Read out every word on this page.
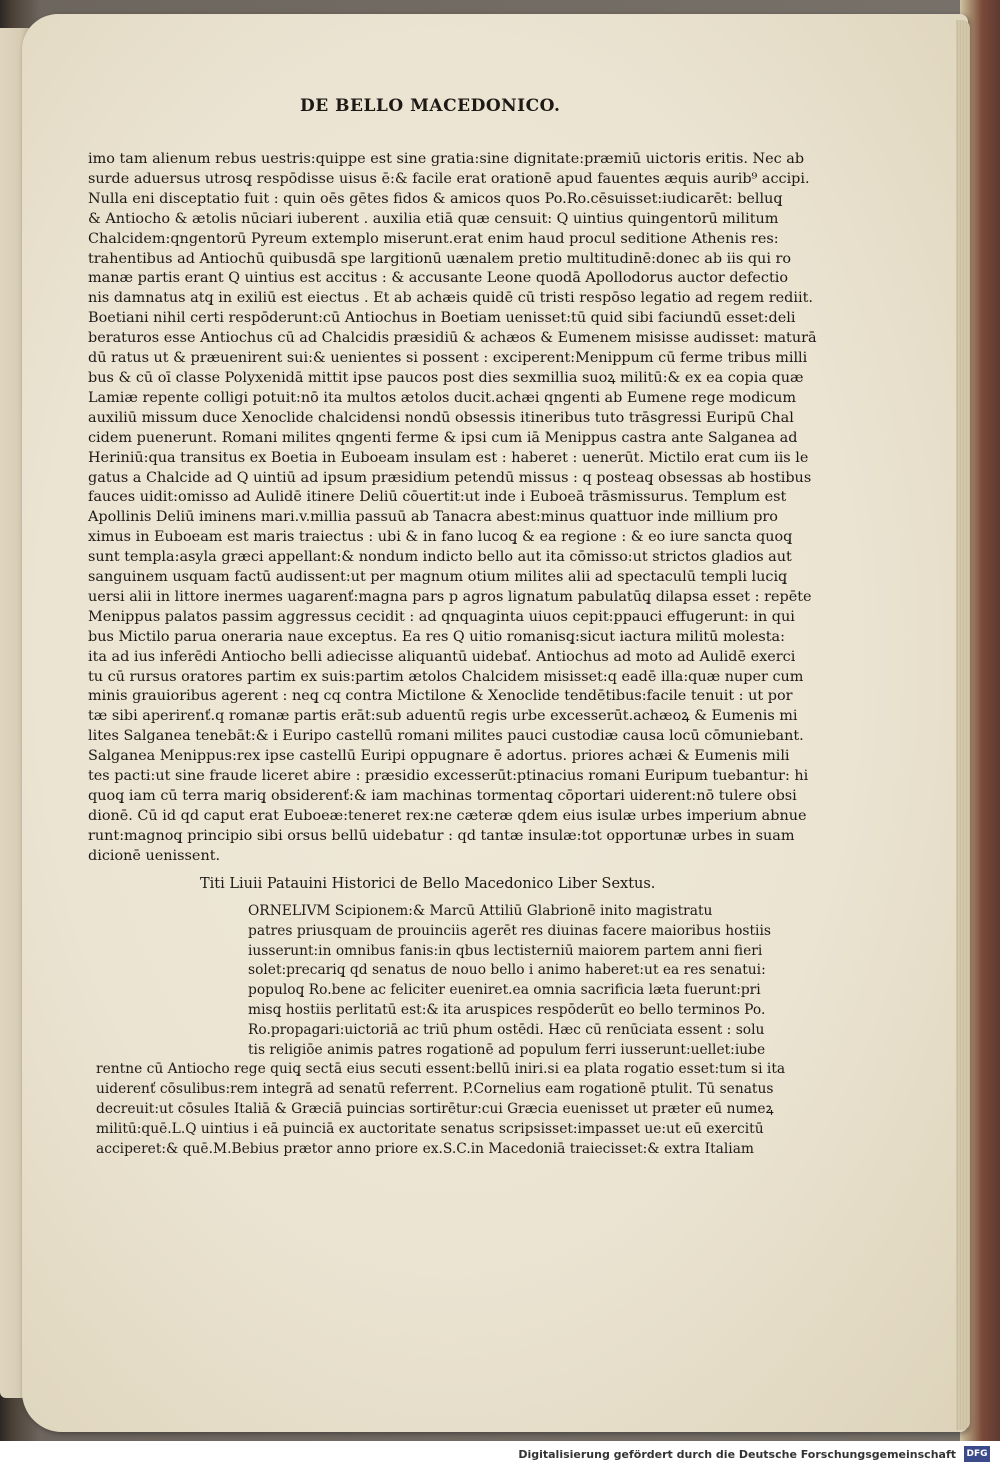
DE BELLO MACEDONICO.
imo tam alienum rebus uestris:quippe est sine gratia:sine dignitate:præmiū uictoris eritis. Nec ab
surde aduersus utrosq̧ respōdisse uisus ē:& facile erat orationē apud fauentes æquis aurib⁹ accipi.
Nulla eni disceptatio fuit : quin oēs gētes fidos & amicos quos Po.Ro.cēsuisset:iudicarēt: belluq̧
& Antiocho & ætolis nūciari iuberent . auxilia etiā quæ censuit: Q uintius quingentorū militum
Chalcidem:qngentorū Pyreum extemplo miserunt.erat enim haud procul seditione Athenis res:
trahentibus ad Antiochū quibusdā spe largitionū uænalem pretio multitudinē:donec ab iis qui ro
manæ partis erant Q uintius est accitus : & accusante Leone quodā Apollodorus auctor defectio
nis damnatus atq̧ in exiliū est eiectus . Et ab achæis quidē cū tristi respōso legatio ad regem rediit.
Boetiani nihil certi respōderunt:cū Antiochus in Boetiam uenisset:tū quid sibi faciundū esset:deli
beraturos esse Antiochus cū ad Chalcidis præsidiū & achæos & Eumenem misisse audisset: maturā
dū ratus ut & præuenirent sui:& uenientes si possent : exciperent:Menippum cū ferme tribus milli
bus & cū oī classe Polyxenidā mittit ipse paucos post dies sexmillia suoꝝ militū:& ex ea copia quæ
Lamiæ repente colligi potuit:nō ita multos ætolos ducit.achæi qngenti ab Eumene rege modicum
auxiliū missum duce Xenoclide chalcidensi nondū obsessis itineribus tuto trāsgressi Euripū Chal
cidem puenerunt. Romani milites qngenti ferme & ipsi cum iā Menippus castra ante Salganea ad
Heriniū:qua transitus ex Boetia in Euboeam insulam est : haberet : uenerūt. Mictilo erat cum iis le
gatus a Chalcide ad Q uintiū ad ipsum præsidium petendū missus : q posteaq̧ obsessas ab hostibus
fauces uidit:omisso ad Aulidē itinere Deliū cōuertit:ut inde i Euboeā trāsmissurus. Templum est
Apollinis Deliū iminens mari.v.millia passuū ab Tanacra abest:minus quattuor inde millium pro
ximus in Euboeam est maris traiectus : ubi & in fano lucoq̧ & ea regione : & eo iure sancta quoq̧
sunt templa:asyla græci appellant:& nondum indicto bello aut ita cōmisso:ut strictos gladios aut
sanguinem usquam factū audissent:ut per magnum otium milites alii ad spectaculū templi luciq̧
uersi alii in littore inermes uagarenť:magna pars p agros lignatum pabulatūq̧ dilapsa esset : repēte
Menippus palatos passim aggressus cecidit : ad qnquaginta uiuos cepit:ppauci effugerunt: in qui
bus Mictilo parua oneraria naue exceptus. Ea res Q uitio romanisq̧:sicut iactura militū molesta:
ita ad ius inferēdi Antiocho belli adiecisse aliquantū uidebať. Antiochus ad moto ad Aulidē exerci
tu cū rursus oratores partim ex suis:partim ætolos Chalcidem misisset:q eadē illa:quæ nuper cum
minis grauioribus agerent : neq̧ cq contra Mictilone & Xenoclide tendētibus:facile tenuit : ut por
tæ sibi aperirenť.q romanæ partis erāt:sub aduentū regis urbe excesserūt.achæoꝝ & Eumenis mi
lites Salganea tenebāt:& i Euripo castellū romani milites pauci custodiæ causa locū cōmuniebant.
Salganea Menippus:rex ipse castellū Euripi oppugnare ē adortus. priores achæi & Eumenis mili
tes pacti:ut sine fraude liceret abire : præsidio excesserūt:ptinacius romani Euripum tuebantur: hi
quoq̧ iam cū terra mariq̧ obsiderenť:& iam machinas tormentaq̧ cōportari uiderent:nō tulere obsi
dionē. Cū id qd caput erat Euboeæ:teneret rex:ne cæteræ qdem eius isulæ urbes imperium abnue
runt:magnoq̧ principio sibi orsus bellū uidebatur : qd tantæ insulæ:tot opportunæ urbes in suam
dicionē uenissent.
Titi Liuii Patauini Historici de Bello Macedonico Liber Sextus.
ORNELIVM Scipionem:& Marcū Attiliū Glabrionē inito magistratu
patres priusquam de prouinciis agerēt res diuinas facere maioribus hostiis
iusserunt:in omnibus fanis:in qbus lectisterniū maiorem partem anni fieri
solet:precariq̧ qd senatus de nouo bello i animo haberet:ut ea res senatui:
populoq̧ Ro.bene ac feliciter eueniret.ea omnia sacrificia læta fuerunt:pri
misq̧ hostiis perlitatū est:& ita aruspices respōderūt eo bello terminos Po.
Ro.propagari:uictoriā ac triū phum ostēdi. Hæc cū renūciata essent : solu
tis religiōe animis patres rogationē ad populum ferri iusserunt:uellet:iube
rentne cū Antiocho rege quiq̧ sectā eius secuti essent:bellū iniri.si ea plata rogatio esset:tum si ita
uiderenť cōsulibus:rem integrā ad senatū referrent. P.Cornelius eam rogationē ptulit. Tū senatus
decreuit:ut cōsules Italiā & Græciā puincias sortirētur:cui Græcia euenisset ut præter eū numeꝝ
militū:quē.L.Q uintius i eā puinciā ex auctoritate senatus scripsisset:impasset ue:ut eū exercitū
acciperet:& quē.M.Bebius prætor anno priore ex.S.C.in Macedoniā traiecisset:& extra Italiam
Digitalisierung gefördert durch die Deutsche Forschungsgemeinschaft DFG
